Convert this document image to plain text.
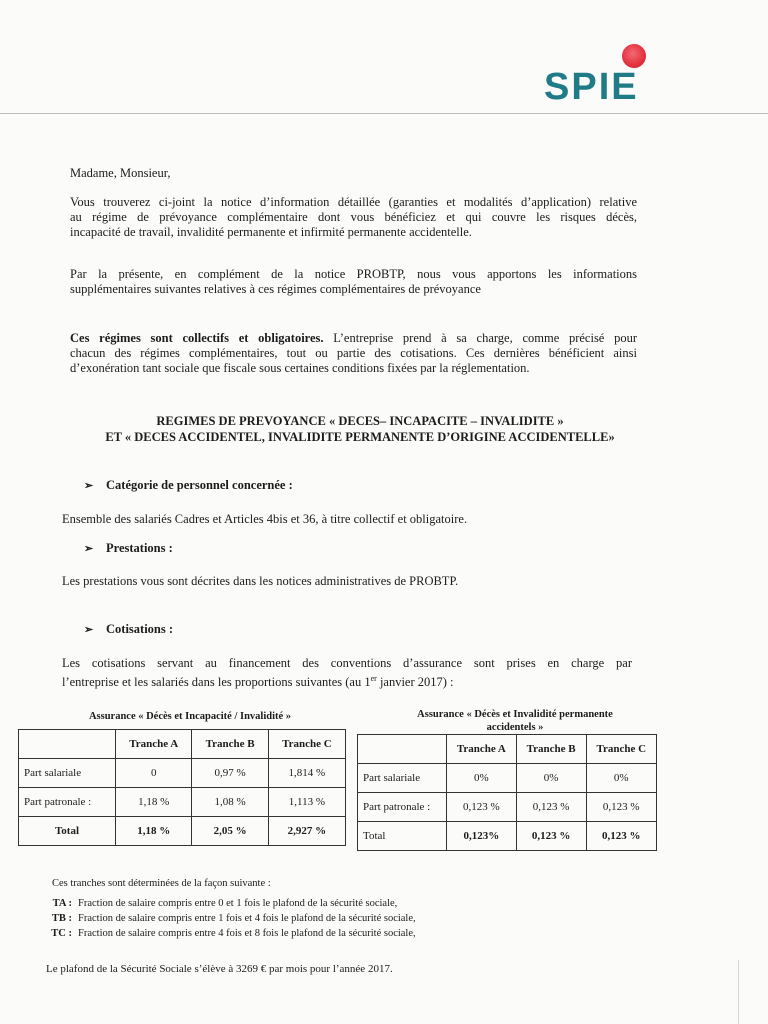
SPIE
Madame, Monsieur,
Vous trouverez ci-joint la notice d’information détaillée (garanties et modalités d’application) relative
au régime de prévoyance complémentaire dont vous bénéficiez et qui couvre les risques décès,
incapacité de travail, invalidité permanente et infirmité permanente accidentelle.
Par la présente, en complément de la notice PROBTP, nous vous apportons les informations
supplémentaires suivantes relatives à ces régimes complémentaires de prévoyance
Ces régimes sont collectifs et obligatoires. L’entreprise prend à sa charge, comme précisé pour
chacun des régimes complémentaires, tout ou partie des cotisations. Ces dernières bénéficient ainsi
d’exonération tant sociale que fiscale sous certaines conditions fixées par la réglementation.
REGIMES DE PREVOYANCE « DECES– INCAPACITE – INVALIDITE »
ET « DECES ACCIDENTEL, INVALIDITE PERMANENTE D’ORIGINE ACCIDENTELLE»
➢ Catégorie de personnel concernée :
Ensemble des salariés Cadres et Articles 4bis et 36, à titre collectif et obligatoire.
➢ Prestations :
Les prestations vous sont décrites dans les notices administratives de PROBTP.
➢ Cotisations :
Les cotisations servant au financement des conventions d’assurance sont prises en charge par
l’entreprise et les salariés dans les proportions suivantes (au 1er janvier 2017) :
Assurance « Décès et Incapacité / Invalidité »
	Tranche A	Tranche B	Tranche C
Part salariale	0	0,97 %	1,814 %
Part patronale :	1,18 %	1,08 %	1,113 %
Total	1,18 %	2,05 %	2,927 %
Assurance « Décès et Invalidité permanente
accidentels »
	Tranche A	Tranche B	Tranche C
Part salariale	0%	0%	0%
Part patronale :	0,123 %	0,123 %	0,123 %
Total	0,123%	0,123 %	0,123 %
Ces tranches sont déterminées de la façon suivante :
TA : Fraction de salaire compris entre 0 et 1 fois le plafond de la sécurité sociale,
TB : Fraction de salaire compris entre 1 fois et 4 fois le plafond de la sécurité sociale,
TC : Fraction de salaire compris entre 4 fois et 8 fois le plafond de la sécurité sociale,
Le plafond de la Sécurité Sociale s’élève à 3269 € par mois pour l’année 2017.
